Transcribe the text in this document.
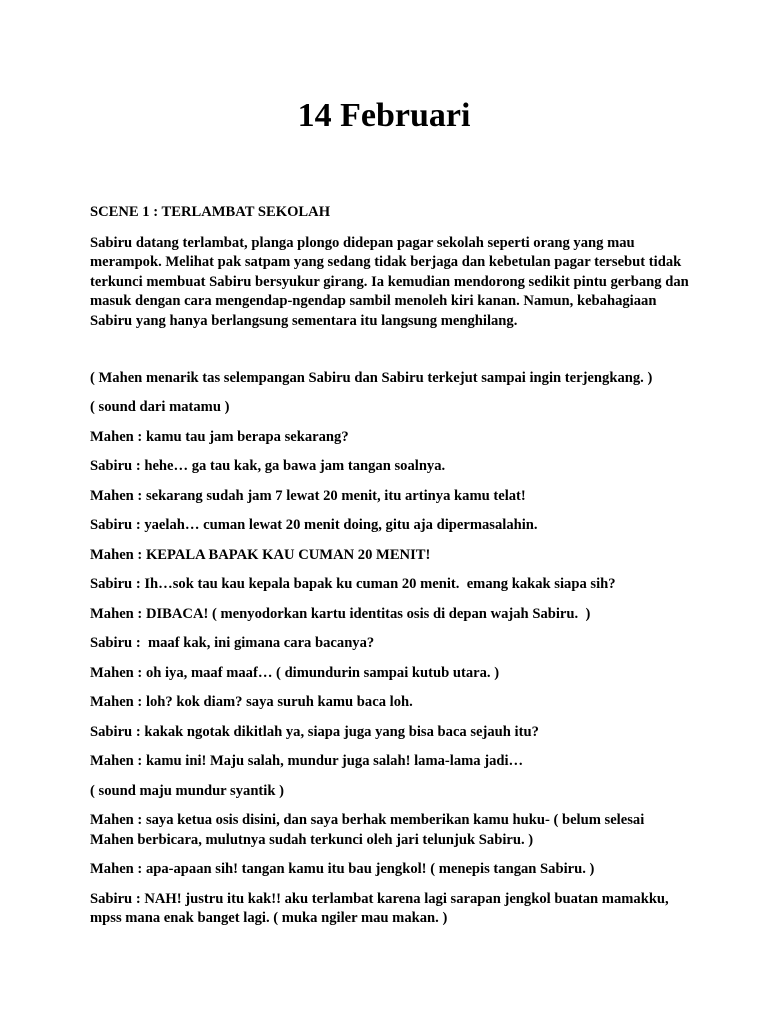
14 Februari

SCENE 1 : TERLAMBAT SEKOLAH

Sabiru datang terlambat, planga plongo didepan pagar sekolah seperti orang yang mau merampok. Melihat pak satpam yang sedang tidak berjaga dan kebetulan pagar tersebut tidak terkunci membuat Sabiru bersyukur girang. Ia kemudian mendorong sedikit pintu gerbang dan masuk dengan cara mengendap-ngendap sambil menoleh kiri kanan. Namun, kebahagiaan Sabiru yang hanya berlangsung sementara itu langsung menghilang.

( Mahen menarik tas selempangan Sabiru dan Sabiru terkejut sampai ingin terjengkang. )

( sound dari matamu )

Mahen : kamu tau jam berapa sekarang?

Sabiru : hehe… ga tau kak, ga bawa jam tangan soalnya.

Mahen : sekarang sudah jam 7 lewat 20 menit, itu artinya kamu telat!

Sabiru : yaelah… cuman lewat 20 menit doing, gitu aja dipermasalahin.

Mahen : KEPALA BAPAK KAU CUMAN 20 MENIT!

Sabiru : Ih…sok tau kau kepala bapak ku cuman 20 menit.  emang kakak siapa sih?

Mahen : DIBACA! ( menyodorkan kartu identitas osis di depan wajah Sabiru.  )

Sabiru :  maaf kak, ini gimana cara bacanya?

Mahen : oh iya, maaf maaf… ( dimundurin sampai kutub utara. )

Mahen : loh? kok diam? saya suruh kamu baca loh.

Sabiru : kakak ngotak dikitlah ya, siapa juga yang bisa baca sejauh itu?

Mahen : kamu ini! Maju salah, mundur juga salah! lama-lama jadi…

( sound maju mundur syantik )

Mahen : saya ketua osis disini, dan saya berhak memberikan kamu huku- ( belum selesai Mahen berbicara, mulutnya sudah terkunci oleh jari telunjuk Sabiru. )

Mahen : apa-apaan sih! tangan kamu itu bau jengkol! ( menepis tangan Sabiru. )

Sabiru : NAH! justru itu kak!! aku terlambat karena lagi sarapan jengkol buatan mamakku, mpss mana enak banget lagi. ( muka ngiler mau makan. )
